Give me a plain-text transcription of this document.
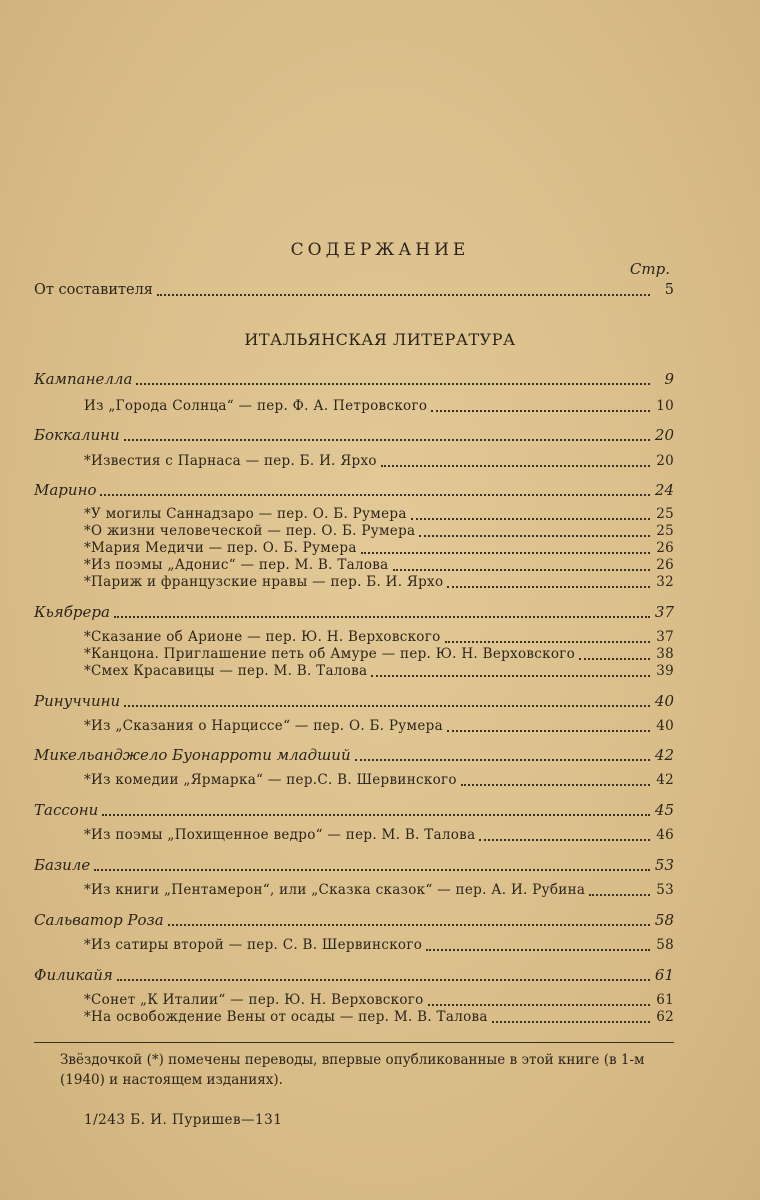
СОДЕРЖАНИЕ
Стр.
От составителя	5
ИТАЛЬЯНСКАЯ ЛИТЕРАТУРА
Кампанелла	9
Из „Города Солнца“ — пер. Ф. А. Петровского	10
Боккалини	20
*Известия с Парнаса — пер. Б. И. Ярхо	20
Марино	24
*У могилы Саннадзаро — пер. О. Б. Румера	25
*О жизни человеческой — пер. О. Б. Румера	25
*Мария Медичи — пер. О. Б. Румера	26
*Из поэмы „Адонис“ — пер. М. В. Талова	26
*Париж и французские нравы — пер. Б. И. Ярхо	32
Кьябрера	37
*Сказание об Арионе — пер. Ю. Н. Верховского	37
*Канцона. Приглашение петь об Амуре — пер. Ю. Н. Верховского	38
*Смех Красавицы — пер. М. В. Талова	39
Ринуччини	40
*Из „Сказания о Нарциссе“ — пер. О. Б. Румера	40
Микельанджело Буонарроти младший	42
*Из комедии „Ярмарка“ — пер.С. В. Шервинского	42
Тассони	45
*Из поэмы „Похищенное ведро“ — пер. М. В. Талова	46
Базиле	53
*Из книги „Пентамерон“, или „Сказка сказок“ — пер. А. И. Рубина	53
Сальватор Роза	58
*Из сатиры второй — пер. С. В. Шервинского	58
Филикайя	61
*Сонет „К Италии“ — пер. Ю. Н. Верховского	61
*На освобождение Вены от осады — пер. М. В. Талова	62
Звёздочкой (*) помечены переводы, впервые опубликованные в этой книге (в 1-м (1940) и настоящем изданиях).
1/243 Б. И. Пуришев—131
